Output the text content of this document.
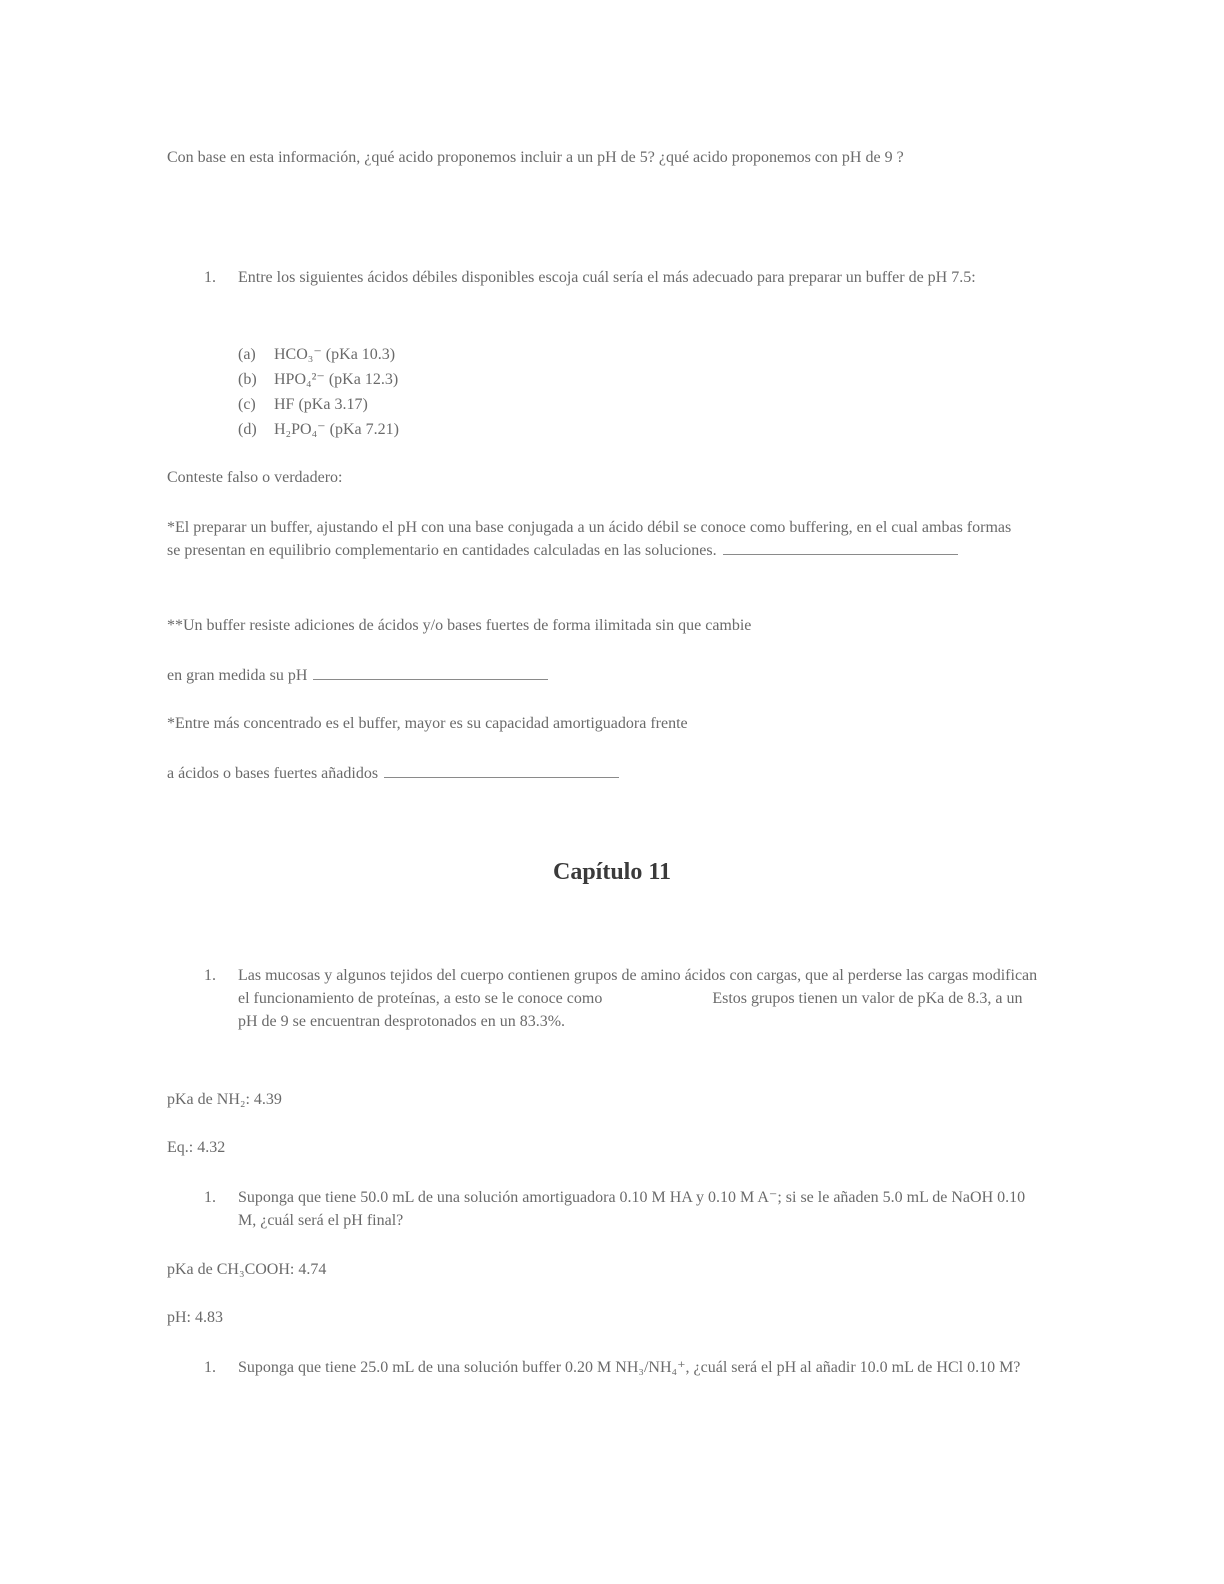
Con base en esta información, ¿qué acido proponemos incluir a un pH de 5? ¿qué acido proponemos con pH de 9 ?

1.	Entre los siguientes ácidos débiles disponibles escoja cuál sería el más adecuado para preparar un buffer de pH 7.5:
(a) HCO₃⁻ (pKa 10.3)
(b) HPO₄²⁻ (pKa 12.3)
(c) HF (pKa 3.17)
(d) H₂PO₄⁻ (pKa 7.21)

Conteste falso o verdadero:

*El preparar un buffer, ajustando el pH con una base conjugada a un ácido débil se conoce como buffering, en el cual ambas formas se presentan en equilibrio complementario en cantidades calculadas en las soluciones.

**Un buffer resiste adiciones de ácidos y/o bases fuertes de forma ilimitada sin que cambie

en gran medida su pH

*Entre más concentrado es el buffer, mayor es su capacidad amortiguadora frente

a ácidos o bases fuertes añadidos

Capítulo 11
1.	Las mucosas y algunos tejidos del cuerpo contienen grupos de amino ácidos con cargas, que al perderse las cargas modifican el funcionamiento de proteínas, a esto se le conoce como	Estos grupos tienen un valor de pKa de 8.3, a un pH de 9 se encuentran desprotonados en un 83.3%.

pKa de NH₂: 4.39

Eq.: 4.32

1.	Suponga que tiene 50.0 mL de una solución amortiguadora 0.10 M HA y 0.10 M A⁻; si se le añaden 5.0 mL de NaOH 0.10 M, ¿cuál será el pH final?

pKa de CH₃COOH: 4.74

pH: 4.83

1.	Suponga que tiene 25.0 mL de una solución buffer 0.20 M NH₃/NH₄⁺, ¿cuál será el pH al añadir 10.0 mL de HCl 0.10 M?
